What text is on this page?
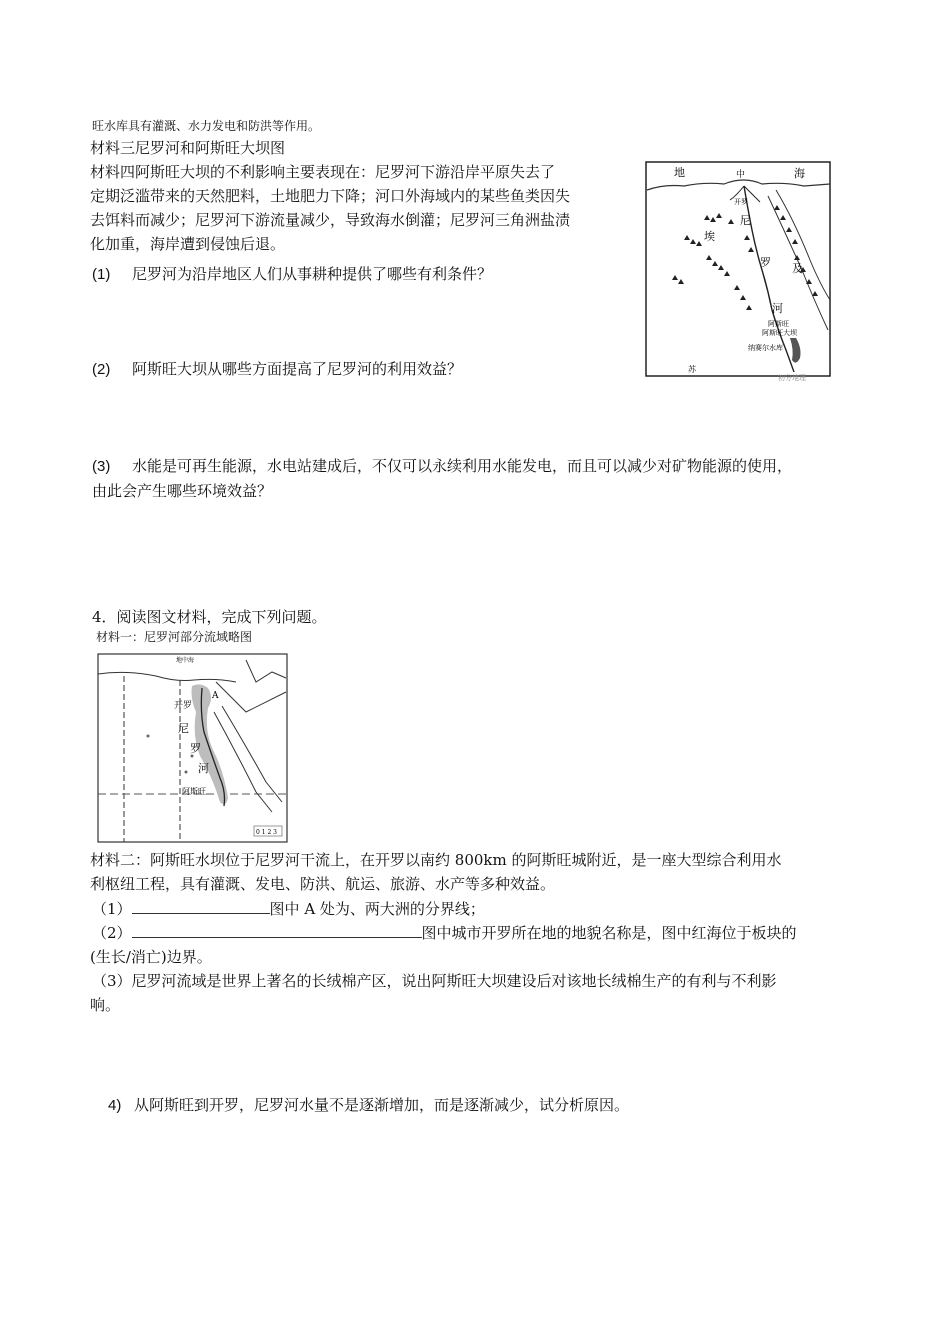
旺水库具有灌溉、水力发电和防洪等作用。
材料三尼罗河和阿斯旺大坝图
材料四阿斯旺大坝的不利影响主要表现在：尼罗河下游沿岸平原失去了
定期泛滥带来的天然肥料，土地肥力下降；河口外海域内的某些鱼类因失
去饵料而减少；尼罗河下游流量减少，导致海水倒灌；尼罗河三角洲盐渍
化加重，海岸遭到侵蚀后退。
(1) 尼罗河为沿岸地区人们从事耕种提供了哪些有利条件？
(2) 阿斯旺大坝从哪些方面提高了尼罗河的利用效益？
(3) 水能是可再生能源，水电站建成后，不仅可以永续利用水能发电，而且可以减少对矿物能源的使用，
由此会产生哪些环境效益？
地	中	海
开罗
尼
埃
罗 及
河
阿斯旺
阿斯旺大坝
纳赛尔水库
苏
初分地理
4．阅读图文材料，完成下列问题。
材料一：尼罗河部分流域略图
地中海
A
开罗
尼
罗
河
阿斯旺
0 1 2 3
材料二：阿斯旺水坝位于尼罗河干流上，在开罗以南约 800km 的阿斯旺城附近，是一座大型综合利用水
利枢纽工程，具有灌溉、发电、防洪、航运、旅游、水产等多种效益。
（1）	图中 A 处为、两大洲的分界线；
（2）	图中城市开罗所在地的地貌名称是，图中红海位于板块的
(生长/消亡)边界。
（3）尼罗河流域是世界上著名的长绒棉产区，说出阿斯旺大坝建设后对该地长绒棉生产的有利与不利影
响。
4) 从阿斯旺到开罗，尼罗河水量不是逐渐增加，而是逐渐减少，试分析原因。
